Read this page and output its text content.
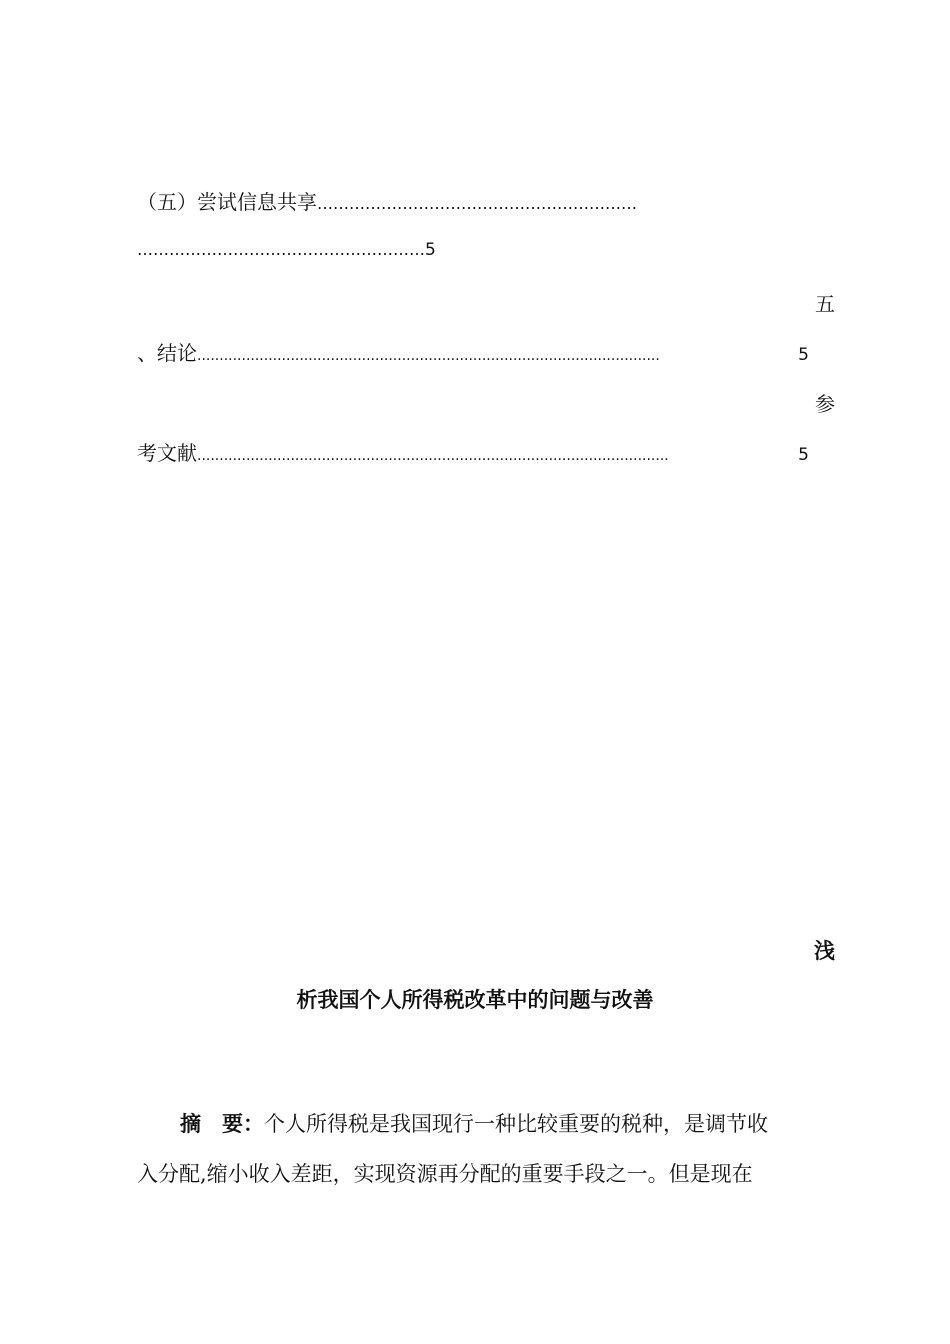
（五）尝试信息共享……………………………………………………
………………………………………………5
五
、结论 ........................................................................................................	5
参
考文献 ..........................................................................................................	5
浅
析我国个人所得税改革中的问题与改善
摘　要：个人所得税是我国现行一种比较重要的税种，是调节收
入分配,缩小收入差距，实现资源再分配的重要手段之一。但是现在
